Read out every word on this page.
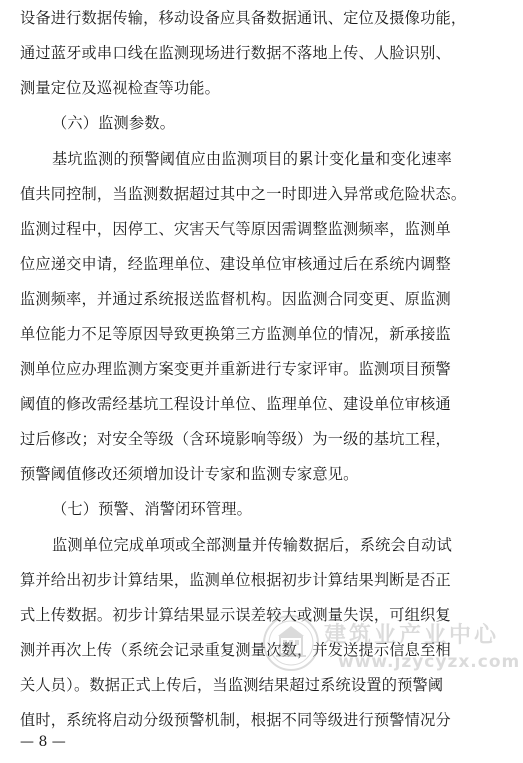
设备进行数据传输，移动设备应具备数据通讯、定位及摄像功能，
通过蓝牙或串口线在监测现场进行数据不落地上传、人脸识别、
测量定位及巡视检查等功能。
（六）监测参数。
基坑监测的预警阈值应由监测项目的累计变化量和变化速率
值共同控制，当监测数据超过其中之一时即进入异常或危险状态。
监测过程中，因停工、灾害天气等原因需调整监测频率，监测单
位应递交申请，经监理单位、建设单位审核通过后在系统内调整
监测频率，并通过系统报送监督机构。因监测合同变更、原监测
单位能力不足等原因导致更换第三方监测单位的情况，新承接监
测单位应办理监测方案变更并重新进行专家评审。监测项目预警
阈值的修改需经基坑工程设计单位、监理单位、建设单位审核通
过后修改；对安全等级（含环境影响等级）为一级的基坑工程，
预警阈值修改还须增加设计专家和监测专家意见。
（七）预警、消警闭环管理。
监测单位完成单项或全部测量并传输数据后，系统会自动试
算并给出初步计算结果，监测单位根据初步计算结果判断是否正
式上传数据。初步计算结果显示误差较大或测量失误，可组织复
测并再次上传（系统会记录重复测量次数，并发送提示信息至相
关人员）。数据正式上传后，当监测结果超过系统设置的预警阈
值时，系统将启动分级预警机制，根据不同等级进行预警情况分
— 8 —
建筑业产业中心
www.jzycyzx.com
